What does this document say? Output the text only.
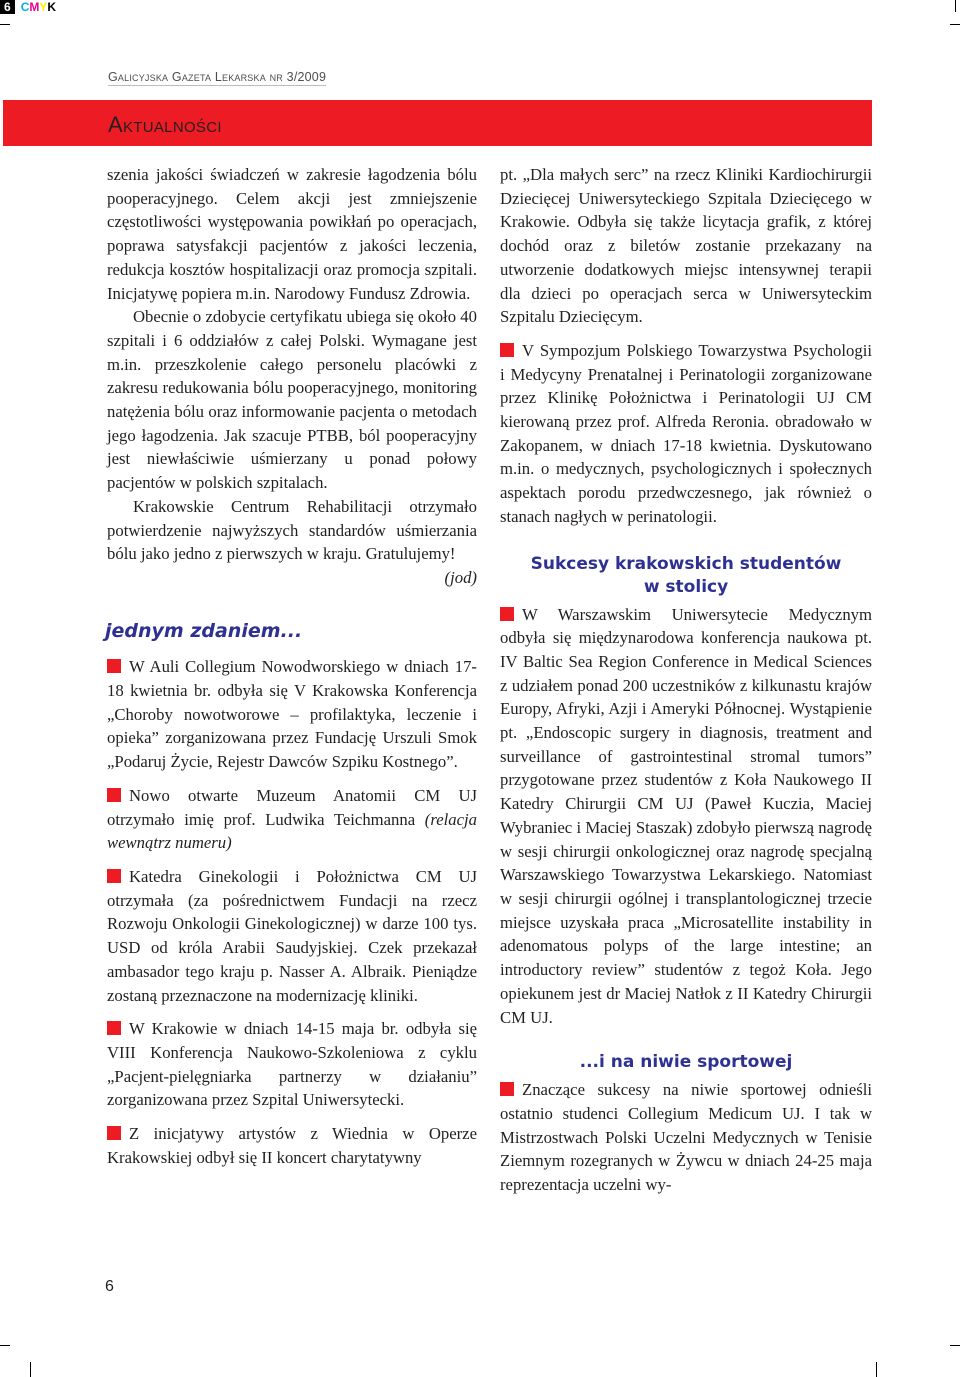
6 C M Y K
Galicyjska Gazeta Lekarska nr 3/2009
Aktualności

szenia jakości świadczeń w zakresie łagodzenia bólu pooperacyjnego. Celem akcji jest zmniejszenie częstotliwości występowania powikłań po operacjach, poprawa satysfakcji pacjentów z jakości leczenia, redukcja kosztów hospitalizacji oraz promocja szpitali. Inicjatywę popiera m.in. Narodowy Fundusz Zdrowia.

Obecnie o zdobycie certyfikatu ubiega się około 40 szpitali i 6 oddziałów z całej Polski. Wymagane jest m.in. przeszkolenie całego personelu placówki z zakresu redukowania bólu pooperacyjnego, monitoring natężenia bólu oraz informowanie pacjenta o metodach jego łagodzenia. Jak szacuje PTBB, ból pooperacyjny jest niewłaściwie uśmierzany u ponad połowy pacjentów w polskich szpitalach.

Krakowskie Centrum Rehabilitacji otrzymało potwierdzenie najwyższych standardów uśmierzania bólu jako jedno z pierwszych w kraju. Gratulujemy!
(jod)

jednym zdaniem...

W Auli Collegium Nowodworskiego w dniach 17-18 kwietnia br. odbyła się V Krakowska Konferencja „Choroby nowotworowe – profilaktyka, leczenie i opieka” zorganizowana przez Fundację Urszuli Smok „Podaruj Życie, Rejestr Dawców Szpiku Kostnego”.

Nowo otwarte Muzeum Anatomii CM UJ otrzymało imię prof. Ludwika Teichmanna (relacja wewnątrz numeru)

Katedra Ginekologii i Położnictwa CM UJ otrzymała (za pośrednictwem Fundacji na rzecz Rozwoju Onkologii Ginekologicznej) w darze 100 tys. USD od króla Arabii Saudyjskiej. Czek przekazał ambasador tego kraju p. Nasser A. Albraik. Pieniądze zostaną przeznaczone na modernizację kliniki.

W Krakowie w dniach 14-15 maja br. odbyła się VIII Konferencja Naukowo-Szkoleniowa z cyklu „Pacjent-pielęgniarka partnerzy w działaniu” zorganizowana przez Szpital Uniwersytecki.

Z inicjatywy artystów z Wiednia w Operze Krakowskiej odbył się II koncert charytatywny

pt. „Dla małych serc” na rzecz Kliniki Kardiochirurgii Dziecięcej Uniwersyteckiego Szpitala Dziecięcego w Krakowie. Odbyła się także licytacja grafik, z której dochód oraz z biletów zostanie przekazany na utworzenie dodatkowych miejsc intensywnej terapii dla dzieci po operacjach serca w Uniwersyteckim Szpitalu Dziecięcym.

V Sympozjum Polskiego Towarzystwa Psychologii i Medycyny Prenatalnej i Perinatologii zorganizowane przez Klinikę Położnictwa i Perinatologii UJ CM kierowaną przez prof. Alfreda Reronia. obradowało w Zakopanem, w dniach 17-18 kwietnia. Dyskutowano m.in. o medycznych, psychologicznych i społecznych aspektach porodu przedwczesnego, jak również o stanach nagłych w perinatologii.

Sukcesy krakowskich studentów

w stolicy

W Warszawskim Uniwersytecie Medycznym odbyła się międzynarodowa konferencja naukowa pt. IV Baltic Sea Region Conference in Medical Sciences z udziałem ponad 200 uczestników z kilkunastu krajów Europy, Afryki, Azji i Ameryki Północnej. Wystąpienie pt. „Endoscopic surgery in diagnosis, treatment and surveillance of gastrointestinal stromal tumors” przygotowane przez studentów z Koła Naukowego II Katedry Chirurgii CM UJ (Paweł Kuczia, Maciej Wybraniec i Maciej Staszak) zdobyło pierwszą nagrodę w sesji chirurgii onkologicznej oraz nagrodę specjalną Warszawskiego Towarzystwa Lekarskiego. Natomiast w sesji chirurgii ogólnej i transplantologicznej trzecie miejsce uzyskała praca „Microsatellite instability in adenomatous polyps of the large intestine; an introductory review” studentów z tegoż Koła. Jego opiekunem jest dr Maciej Natłok z II Katedry Chirurgii CM UJ.

...i na niwie sportowej

Znaczące sukcesy na niwie sportowej odnieśli ostatnio studenci Collegium Medicum UJ. I tak w Mistrzostwach Polski Uczelni Medycznych w Tenisie Ziemnym rozegranych w Żywcu w dniach 24-25 maja reprezentacja uczelni wy-

6
